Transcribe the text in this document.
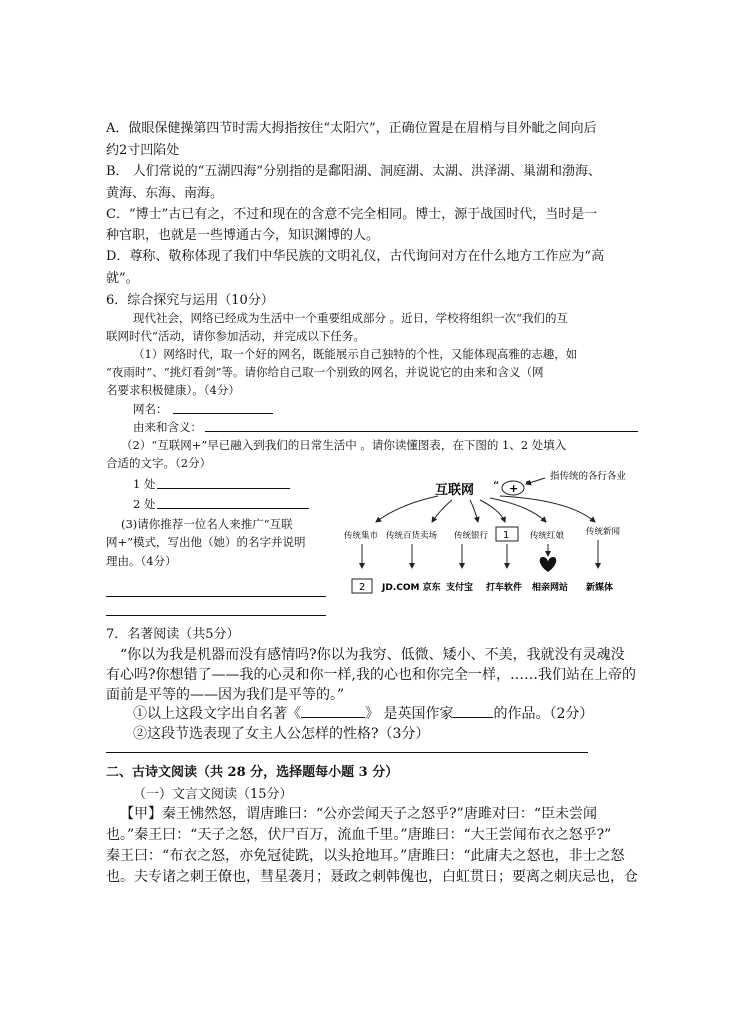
A．做眼保健操第四节时需大拇指按住“太阳穴”，正确位置是在眉梢与目外眦之间向后
约2寸凹陷处
B． 人们常说的“五湖四海”分别指的是鄱阳湖、洞庭湖、太湖、洪泽湖、巢湖和渤海、
黄海、东海、南海。
C．“博士”古已有之，不过和现在的含意不完全相同。博士，源于战国时代，当时是一
种官职，也就是一些博通古今，知识渊博的人。
D．尊称、敬称体现了我们中华民族的文明礼仪，古代询问对方在什么地方工作应为“高
就”。
6．综合探究与运用（10分）
现代社会，网络已经成为生活中一个重要组成部分 。近日，学校将组织一次“我们的互
联网时代”活动，请你参加活动，并完成以下任务。
（1）网络时代，取一个好的网名，既能展示自己独特的个性，又能体现高雅的志趣，如
“夜雨时”、“挑灯看剑”等。请你给自己取一个别致的网名，并说说它的由来和含义（网
名要求积极健康）。（4分）
网名：
由来和含义：
（2）“互联网+”早已融入到我们的日常生活中 。请你读懂图表，在下图的 1、2 处填入
合适的文字。（2分）
1 处
2 处
(3)请你推荐一位名人来推广“互联
网+”模式，写出他（她）的名字并说明
理由。（4分）
互联网 “ + ”
指传统的各行各业
传统集市 传统百货卖场 传统银行 1 传统红娘	传统新闻
2 JD.COM 京东 支付宝 打车软件 相亲网站 新媒体
7．名著阅读（共5分）
“你以为我是机器而没有感情吗?你以为我穷、低微、矮小、不美，我就没有灵魂没
有心吗?你想错了——我的心灵和你一样,我的心也和你完全一样，……我们站在上帝的
面前是平等的——因为我们是平等的。”
①以上这段文字出自名著《	》 是英国作家	的作品。（2分）
②这段节选表现了女主人公怎样的性格?（3分）
二、古诗文阅读（共 28 分，选择题每小题 3 分）
（一）文言文阅读（15分）
【甲】秦王怫然怒，谓唐雎曰：“公亦尝闻天子之怒乎?”唐雎对曰：“臣未尝闻
也。”秦王曰：“天子之怒，伏尸百万，流血千里。”唐雎曰：“大王尝闻布衣之怒乎?”
秦王曰：“布衣之怒，亦免冠徒跣，以头抢地耳。”唐雎曰：“此庸夫之怒也，非士之怒
也。夫专诸之刺王僚也，彗星袭月；聂政之刺韩傀也，白虹贯日；要离之刺庆忌也，仓
